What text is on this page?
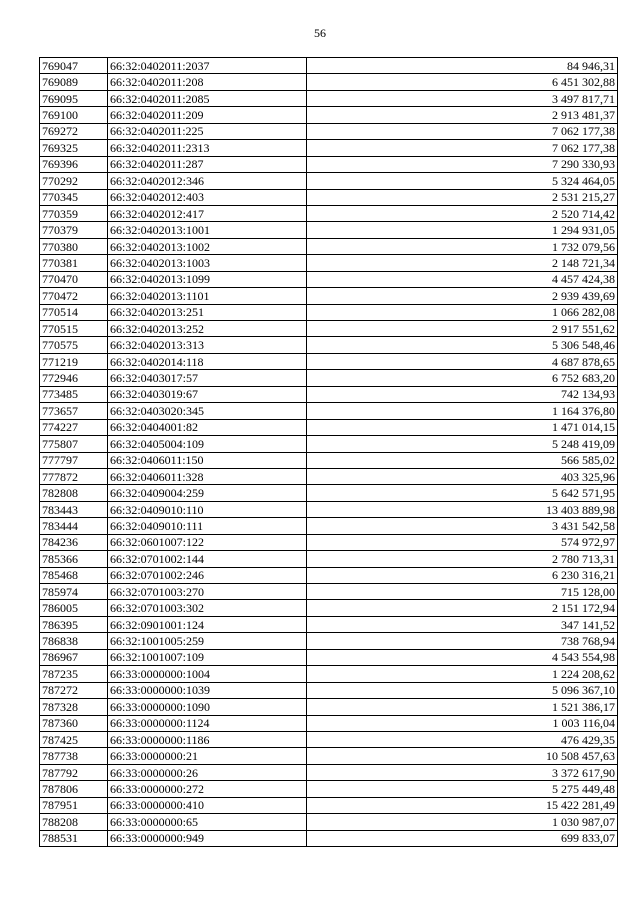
56
769047	66:32:0402011:2037	84 946,31
769089	66:32:0402011:208	6 451 302,88
769095	66:32:0402011:2085	3 497 817,71
769100	66:32:0402011:209	2 913 481,37
769272	66:32:0402011:225	7 062 177,38
769325	66:32:0402011:2313	7 062 177,38
769396	66:32:0402011:287	7 290 330,93
770292	66:32:0402012:346	5 324 464,05
770345	66:32:0402012:403	2 531 215,27
770359	66:32:0402012:417	2 520 714,42
770379	66:32:0402013:1001	1 294 931,05
770380	66:32:0402013:1002	1 732 079,56
770381	66:32:0402013:1003	2 148 721,34
770470	66:32:0402013:1099	4 457 424,38
770472	66:32:0402013:1101	2 939 439,69
770514	66:32:0402013:251	1 066 282,08
770515	66:32:0402013:252	2 917 551,62
770575	66:32:0402013:313	5 306 548,46
771219	66:32:0402014:118	4 687 878,65
772946	66:32:0403017:57	6 752 683,20
773485	66:32:0403019:67	742 134,93
773657	66:32:0403020:345	1 164 376,80
774227	66:32:0404001:82	1 471 014,15
775807	66:32:0405004:109	5 248 419,09
777797	66:32:0406011:150	566 585,02
777872	66:32:0406011:328	403 325,96
782808	66:32:0409004:259	5 642 571,95
783443	66:32:0409010:110	13 403 889,98
783444	66:32:0409010:111	3 431 542,58
784236	66:32:0601007:122	574 972,97
785366	66:32:0701002:144	2 780 713,31
785468	66:32:0701002:246	6 230 316,21
785974	66:32:0701003:270	715 128,00
786005	66:32:0701003:302	2 151 172,94
786395	66:32:0901001:124	347 141,52
786838	66:32:1001005:259	738 768,94
786967	66:32:1001007:109	4 543 554,98
787235	66:33:0000000:1004	1 224 208,62
787272	66:33:0000000:1039	5 096 367,10
787328	66:33:0000000:1090	1 521 386,17
787360	66:33:0000000:1124	1 003 116,04
787425	66:33:0000000:1186	476 429,35
787738	66:33:0000000:21	10 508 457,63
787792	66:33:0000000:26	3 372 617,90
787806	66:33:0000000:272	5 275 449,48
787951	66:33:0000000:410	15 422 281,49
788208	66:33:0000000:65	1 030 987,07
788531	66:33:0000000:949	699 833,07
